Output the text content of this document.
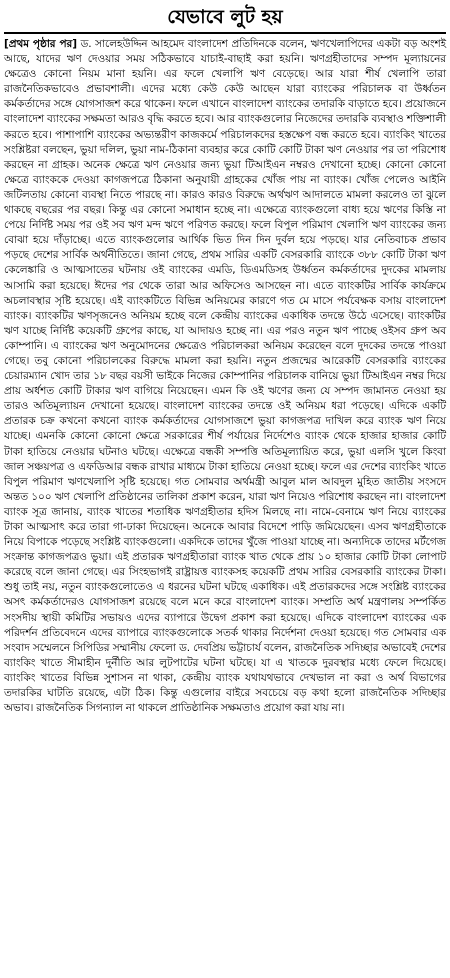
যেভাবে লুট হয়

[প্রথম পৃষ্ঠার পর] ড. সালেহউদ্দিন আহমেদ বাংলাদেশ প্রতিদিনকে বলেন, ঋণখেলাপিদের একটা বড় অংশই আছে, যাদের ঋণ দেওয়ার সময় সঠিকভাবে যাচাই-বাছাই করা হয়নি। ঋণগ্রহীতাদের সম্পদ মূল্যায়নের ক্ষেত্রেও কোনো নিয়ম মানা হয়নি। এর ফলে খেলাপি ঋণ বেড়েছে। আর যারা শীর্ষ খেলাপি তারা রাজনৈতিকভাবেও প্রভাবশালী। এদের মধ্যে কেউ কেউ আছেন যারা ব্যাংকের পরিচালক বা উর্ধ্বতন কর্মকর্তাদের সঙ্গে যোগসাজশ করে থাকেন। ফলে এখানে বাংলাদেশ ব্যাংকের তদারকি বাড়াতে হবে। প্রয়োজনে বাংলাদেশ ব্যাংকের সক্ষমতা আরও বৃদ্ধি করতে হবে। আর ব্যাংকগুলোর নিজেদের তদারকি ব্যবস্থাও শক্তিশালী করতে হবে। পাশাপাশি ব্যাংকের অভ্যন্তরীণ কাজকর্মে পরিচালকদের হস্তক্ষেপ বন্ধ করতে হবে। ব্যাংকিং খাতের সংশ্লিষ্টরা বলছেন, ভুয়া দলিল, ভুয়া নাম-ঠিকানা ব্যবহার করে কোটি কোটি টাকা ঋণ নেওয়ার পর তা পরিশোধ করছেন না গ্রাহক। অনেক ক্ষেত্রে ঋণ নেওয়ার জন্য ভুয়া টিআইএন নম্বরও দেখানো হচ্ছে। কোনো কোনো ক্ষেত্রে ব্যাংককে দেওয়া কাগজপত্রে ঠিকানা অনুযায়ী গ্রাহকের খোঁজ পায় না ব্যাংক। খোঁজ পেলেও আইনি জটিলতায় কোনো ব্যবস্থা নিতে পারছে না। কারও কারও বিরুদ্ধে অর্থঋণ আদালতে মামলা করলেও তা ঝুলে থাকছে বছরের পর বছর। কিন্তু এর কোনো সমাধান হচ্ছে না। এক্ষেত্রে ব্যাংকগুলো বাধ্য হয়ে ঋণের কিস্তি না পেয়ে নির্দিষ্ট সময় পর ওই সব ঋণ মন্দ ঋণে পরিণত করছে। ফলে বিপুল পরিমাণ খেলাপি ঋণ ব্যাংকের জন্য বোঝা হয়ে দাঁড়াচ্ছে। এতে ব্যাংকগুলোর আর্থিক ভিত দিন দিন দুর্বল হয়ে পড়ছে। যার নেতিবাচক প্রভাব পড়ছে দেশের সার্বিক অর্থনীতিতে। জানা গেছে, প্রথম সারির একটি বেসরকারি ব্যাংকে ৩৮৮ কোটি টাকা ঋণ কেলেঙ্কারি ও আত্মসাতের ঘটনায় ওই ব্যাংকের এমডি, ডিএমডিসহ উর্ধ্বতন কর্মকর্তাদের দুদকের মামলায় আসামি করা হয়েছে। ঈদের পর থেকে তারা আর অফিসেও আসছেন না। এতে ব্যাংকটির সার্বিক কার্যক্রমে অচলাবস্থার সৃষ্টি হয়েছে। এই ব্যাংকটিতে বিভিন্ন অনিয়মের কারণে গত মে মাসে পর্যবেক্ষক বসায় বাংলাদেশ ব্যাংক। ব্যাংকটির ঋণসৃজনেও অনিয়ম হচ্ছে বলে কেন্দ্রীয় ব্যাংকের একাধিক তদন্তে উঠে এসেছে। ব্যাংকটির ঋণ যাচ্ছে নির্দিষ্ট কয়েকটি গ্রুপের কাছে, যা আদায়ও হচ্ছে না। এর পরও নতুন ঋণ পাচ্ছে ওইসব গ্রুপ অব কোম্পানি। এ ব্যাংকের ঋণ অনুমোদনের ক্ষেত্রেও পরিচালকরা অনিয়ম করেছেন বলে দুদকের তদন্তে পাওয়া গেছে। তবু কোনো পরিচালকের বিরুদ্ধে মামলা করা হয়নি। নতুন প্রজন্মের আরেকটি বেসরকারি ব্যাংকের চেয়ারম্যান খোদ তার ১৮ বছর বয়সী ভাইকে নিজের কোম্পানির পরিচালক বানিয়ে ভুয়া টিআইএন নম্বর দিয়ে প্রায় অর্ধশত কোটি টাকার ঋণ বাগিয়ে নিয়েছেন। এমন কি ওই ঋণের জন্য যে সম্পদ জামানত নেওয়া হয় তারও অতিমূল্যায়ন দেখানো হয়েছে। বাংলাদেশ ব্যাংকের তদন্তে ওই অনিয়ম ধরা পড়েছে। এদিকে একটি প্রতারক চক্র কখনো কখনো ব্যাংক কর্মকর্তাদের যোগসাজশে ভুয়া কাগজপত্র দাখিল করে ব্যাংক ঋণ নিয়ে যাচ্ছে। এমনকি কোনো কোনো ক্ষেত্রে সরকারের শীর্ষ পর্যায়ের নির্দেশেও ব্যাংক থেকে হাজার হাজার কোটি টাকা হাতিয়ে নেওয়ার ঘটনাও ঘটছে। এক্ষেত্রে বন্ধকী সম্পত্তি অতিমূল্যায়িত করে, ভুয়া এলসি খুলে কিংবা জাল সঞ্চয়পত্র ও এফডিআর বন্ধক রাখার মাধ্যমে টাকা হাতিয়ে নেওয়া হচ্ছে। ফলে এর দেশের ব্যাংকিং খাতে বিপুল পরিমাণ ঋণখেলাপি সৃষ্টি হয়েছে। গত সোমবার অর্থমন্ত্রী আবুল মাল আবদুল মুহিত জাতীয় সংসদে অন্তত ১০০ ঋণ খেলাপি প্রতিষ্ঠানের তালিকা প্রকাশ করেন, যারা ঋণ নিয়েও পরিশোধ করছেন না। বাংলাদেশ ব্যাংক সূত্র জানায়, ব্যাংক খাতের শতাধিক ঋণগ্রহীতার হদিস মিলছে না। নামে-বেনামে ঋণ নিয়ে ব্যাংকের টাকা আত্মসাৎ করে তারা গা-ঢাকা দিয়েছেন। অনেকে আবার বিদেশে পাড়ি জমিয়েছেন। এসব ঋণগ্রহীতাকে নিয়ে বিপাকে পড়েছে সংশ্লিষ্ট ব্যাংকগুলো। একদিকে তাদের খুঁজে পাওয়া যাচ্ছে না। অন্যদিকে তাদের মর্টগেজ সংক্রান্ত কাগজপত্রও ভুয়া। এই প্রতারক ঋণগ্রহীতারা ব্যাংক খাত থেকে প্রায় ১০ হাজার কোটি টাকা লোপাট করেছে বলে জানা গেছে। এর সিংহভাগই রাষ্ট্রায়ত্ত ব্যাংকসহ কয়েকটি প্রথম সারির বেসরকারি ব্যাংকের টাকা। শুধু তাই নয়, নতুন ব্যাংকগুলোতেও এ ধরনের ঘটনা ঘটছে একাধিক। এই প্রতারকদের সঙ্গে সংশ্লিষ্ট ব্যাংকের অসৎ কর্মকর্তাদেরও যোগসাজশ রয়েছে বলে মনে করে বাংলাদেশ ব্যাংক। সম্প্রতি অর্থ মন্ত্রণালয় সম্পর্কিত সংসদীয় স্থায়ী কমিটির সভায়ও এদের ব্যাপারে উদ্বেগ প্রকাশ করা হয়েছে। এদিকে বাংলাদেশ ব্যাংকের এক পরিদর্শন প্রতিবেদনে এদের ব্যাপারে ব্যাংকগুলোকে সতর্ক থাকার নির্দেশনা দেওয়া হয়েছে। গত সোমবার এক সংবাদ সম্মেলনে সিপিডির সম্মানীয় ফেলো ড. দেবপ্রিয় ভট্টাচার্য বলেন, রাজনৈতিক সদিচ্ছার অভাবেই দেশের ব্যাংকিং খাতে সীমাহীন দুর্নীতি আর লুটপাটের ঘটনা ঘটছে। যা এ খাতকে দুরবস্থার মধ্যে ফেলে দিয়েছে। ব্যাংকিং খাতের বিভিন্ন সুশাসন না থাকা, কেন্দ্রীয় ব্যাংক যথাযথভাবে দেখভাল না করা ও অর্থ বিভাগের তদারকির ঘাটতি রয়েছে, এটা ঠিক। কিন্তু এগুলোর বাইরে সবচেয়ে বড় কথা হলো রাজনৈতিক সদিচ্ছার অভাব। রাজনৈতিক সিগন্যাল না থাকলে প্রাতিষ্ঠানিক সক্ষমতাও প্রয়োগ করা যায় না।
